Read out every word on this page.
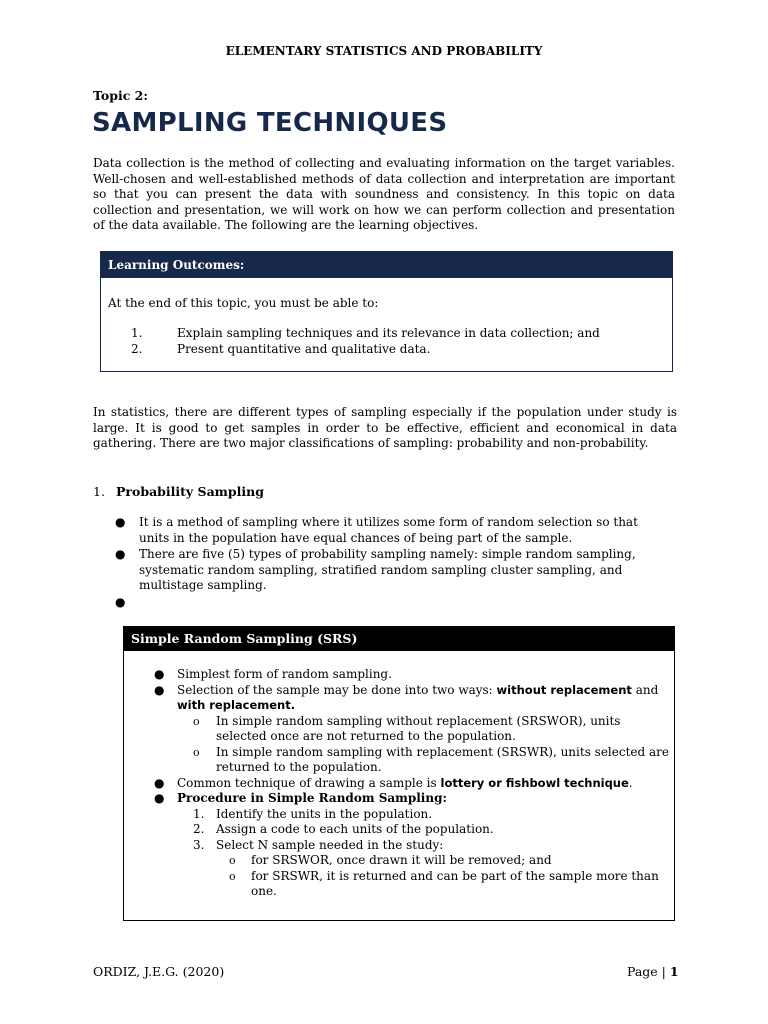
ELEMENTARY STATISTICS AND PROBABILITY
Topic 2:
SAMPLING TECHNIQUES
Data collection is the method of collecting and evaluating information on the target variables. Well-chosen and well-established methods of data collection and interpretation are important so that you can present the data with soundness and consistency. In this topic on data collection and presentation, we will work on how we can perform collection and presentation of the data available. The following are the learning objectives.
Learning Outcomes:
At the end of this topic, you must be able to:
1.	Explain sampling techniques and its relevance in data collection; and
2.	Present quantitative and qualitative data.
In statistics, there are different types of sampling especially if the population under study is large. It is good to get samples in order to be effective, efficient and economical in data gathering. There are two major classifications of sampling: probability and non-probability.
1. Probability Sampling
● It is a method of sampling where it utilizes some form of random selection so that units in the population have equal chances of being part of the sample.
● There are five (5) types of probability sampling namely: simple random sampling, systematic random sampling, stratified random sampling cluster sampling, and multistage sampling.
●

Simple Random Sampling (SRS)
● Simplest form of random sampling.
● Selection of the sample may be done into two ways: without replacement and with replacement.
o In simple random sampling without replacement (SRSWOR), units selected once are not returned to the population.
o In simple random sampling with replacement (SRSWR), units selected are returned to the population.
● Common technique of drawing a sample is lottery or fishbowl technique.
● Procedure in Simple Random Sampling:
1. Identify the units in the population.
2. Assign a code to each units of the population.
3. Select N sample needed in the study:
o for SRSWOR, once drawn it will be removed; and
o for SRSWR, it is returned and can be part of the sample more than one.
ORDIZ, J.E.G. (2020)	Page | 1
